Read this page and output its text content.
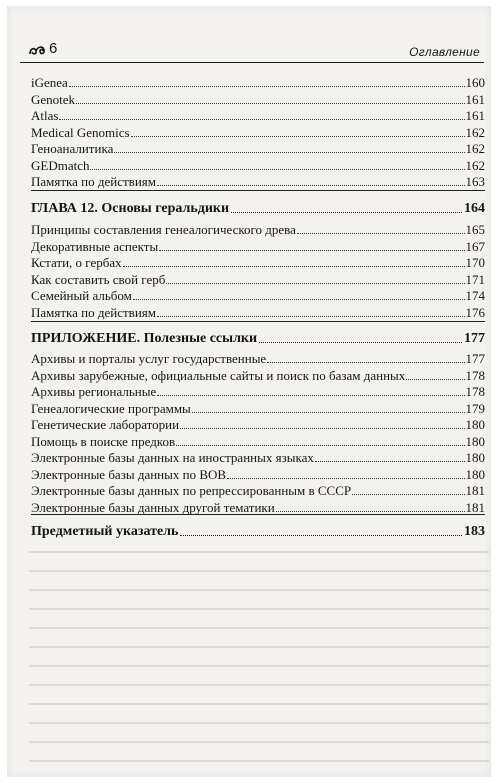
6	Оглавление
iGenea	160
Genotek	161
Atlas	161
Medical Genomics	162
Геноаналитика	162
GEDmatch	162
Памятка по действиям	163
ГЛАВА 12. Основы геральдики	164
Принципы составления генеалогического древа	165
Декоративные аспекты	167
Кстати, о гербах	170
Как составить свой герб	171
Семейный альбом	174
Памятка по действиям	176
ПРИЛОЖЕНИЕ. Полезные ссылки	177
Архивы и порталы услуг государственные	177
Архивы зарубежные, официальные сайты и поиск по базам данных	178
Архивы региональные	178
Генеалогические программы	179
Генетические лаборатории	180
Помощь в поиске предков	180
Электронные базы данных на иностранных языках	180
Электронные базы данных по ВОВ	180
Электронные базы данных по репрессированным в СССР	181
Электронные базы данных другой тематики	181
Предметный указатель	183
